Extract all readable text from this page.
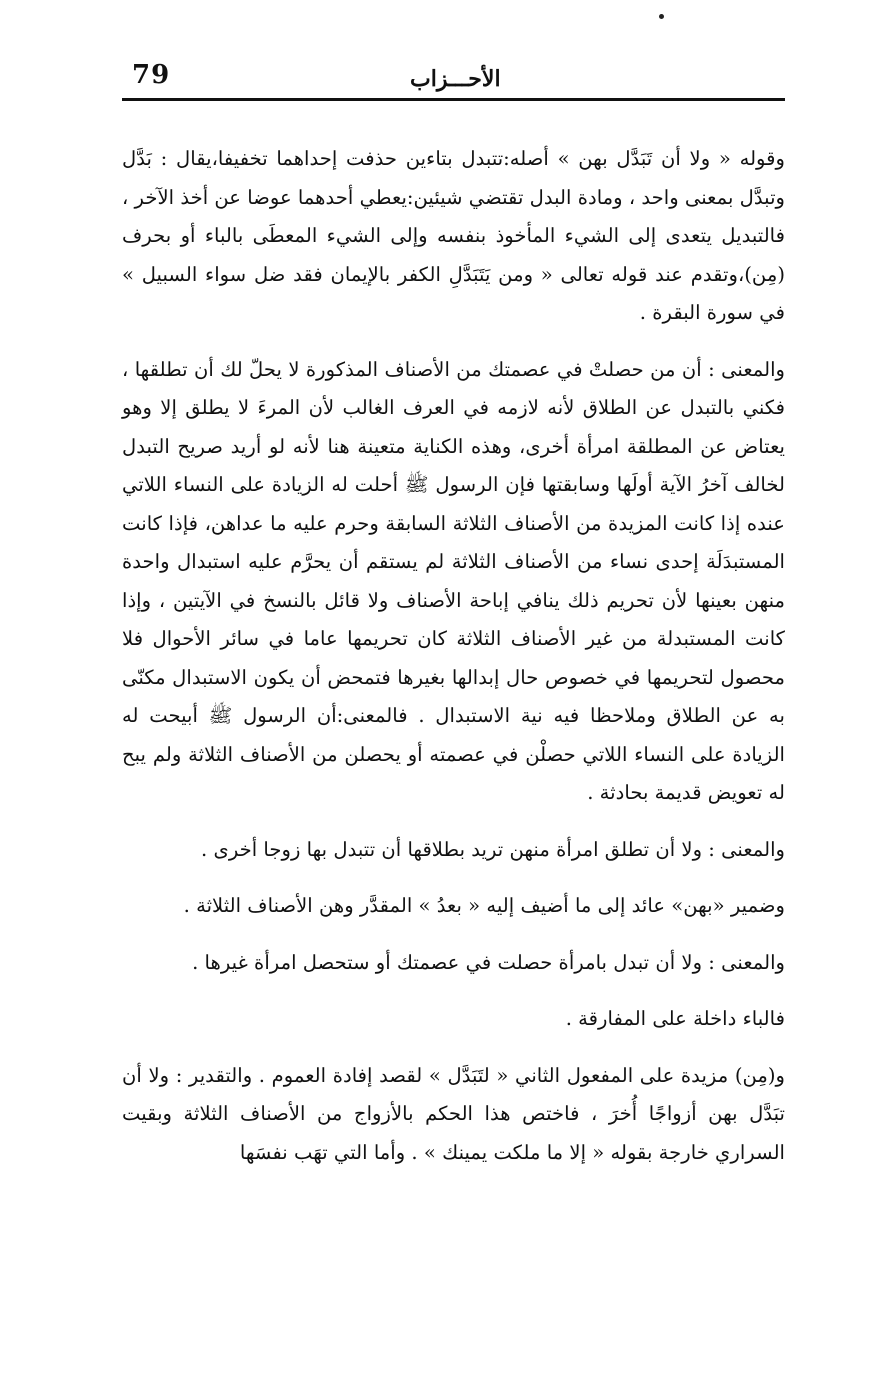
79	الأحـــزاب

وقوله « ولا أن تَبَدَّل بهن » أصله:تتبدل بتاءين حذفت إحداهما تخفيفا،يقال : بَدَّل وتبدَّل بمعنى واحد ، ومادة البدل تقتضي شيئين:يعطي أحدهما عوضا عن أخذ الآخر ، فالتبديل يتعدى إلى الشيء المأخوذ بنفسه وإلى الشيء المعطَى بالباء أو بحرف (مِن)،وتقدم عند قوله تعالى « ومن يَتَبَدَّلِ الكفر بالإيمان فقد ضل سواء السبيل » في سورة البقرة .

والمعنى : أن من حصلتْ في عصمتك من الأصناف المذكورة لا يحلّ لك أن تطلقها ، فكني بالتبدل عن الطلاق لأنه لازمه في العرف الغالب لأن المرءَ لا يطلق إلا وهو يعتاض عن المطلقة امرأة أخرى، وهذه الكناية متعينة هنا لأنه لو أريد صريح التبدل لخالف آخرُ الآية أولَها وسابقتها فإن الرسول ﷺ أحلت له الزيادة على النساء اللاتي عنده إذا كانت المزيدة من الأصناف الثلاثة السابقة وحرم عليه ما عداهن، فإذا كانت المستبدَلَة إحدى نساء من الأصناف الثلاثة لم يستقم أن يحرَّم عليه استبدال واحدة منهن بعينها لأن تحريم ذلك ينافي إباحة الأصناف ولا قائل بالنسخ في الآيتين ، وإذا كانت المستبدلة من غير الأصناف الثلاثة كان تحريمها عاما في سائر الأحوال فلا محصول لتحريمها في خصوص حال إبدالها بغيرها فتمحض أن يكون الاستبدال مكنّى به عن الطلاق وملاحظا فيه نية الاستبدال . فالمعنى:أن الرسول ﷺ أبيحت له الزيادة على النساء اللاتي حصلْن في عصمته أو يحصلن من الأصناف الثلاثة ولم يبح له تعويض قديمة بحادثة .

والمعنى : ولا أن تطلق امرأة منهن تريد بطلاقها أن تتبدل بها زوجا أخرى .

وضمير «بهن» عائد إلى ما أضيف إليه « بعدُ » المقدَّر وهن الأصناف الثلاثة .

والمعنى : ولا أن تبدل بامرأة حصلت في عصمتك أو ستحصل امرأة غيرها .

فالباء داخلة على المفارقة .

و(مِن) مزيدة على المفعول الثاني « لتَبَدَّل » لقصد إفادة العموم . والتقدير : ولا أن تبَدَّل بهن أزواجًا أُخرَ ، فاختص هذا الحكم بالأزواج من الأصناف الثلاثة وبقيت السراري خارجة بقوله « إلا ما ملكت يمينك » . وأما التي تهَب نفسَها
